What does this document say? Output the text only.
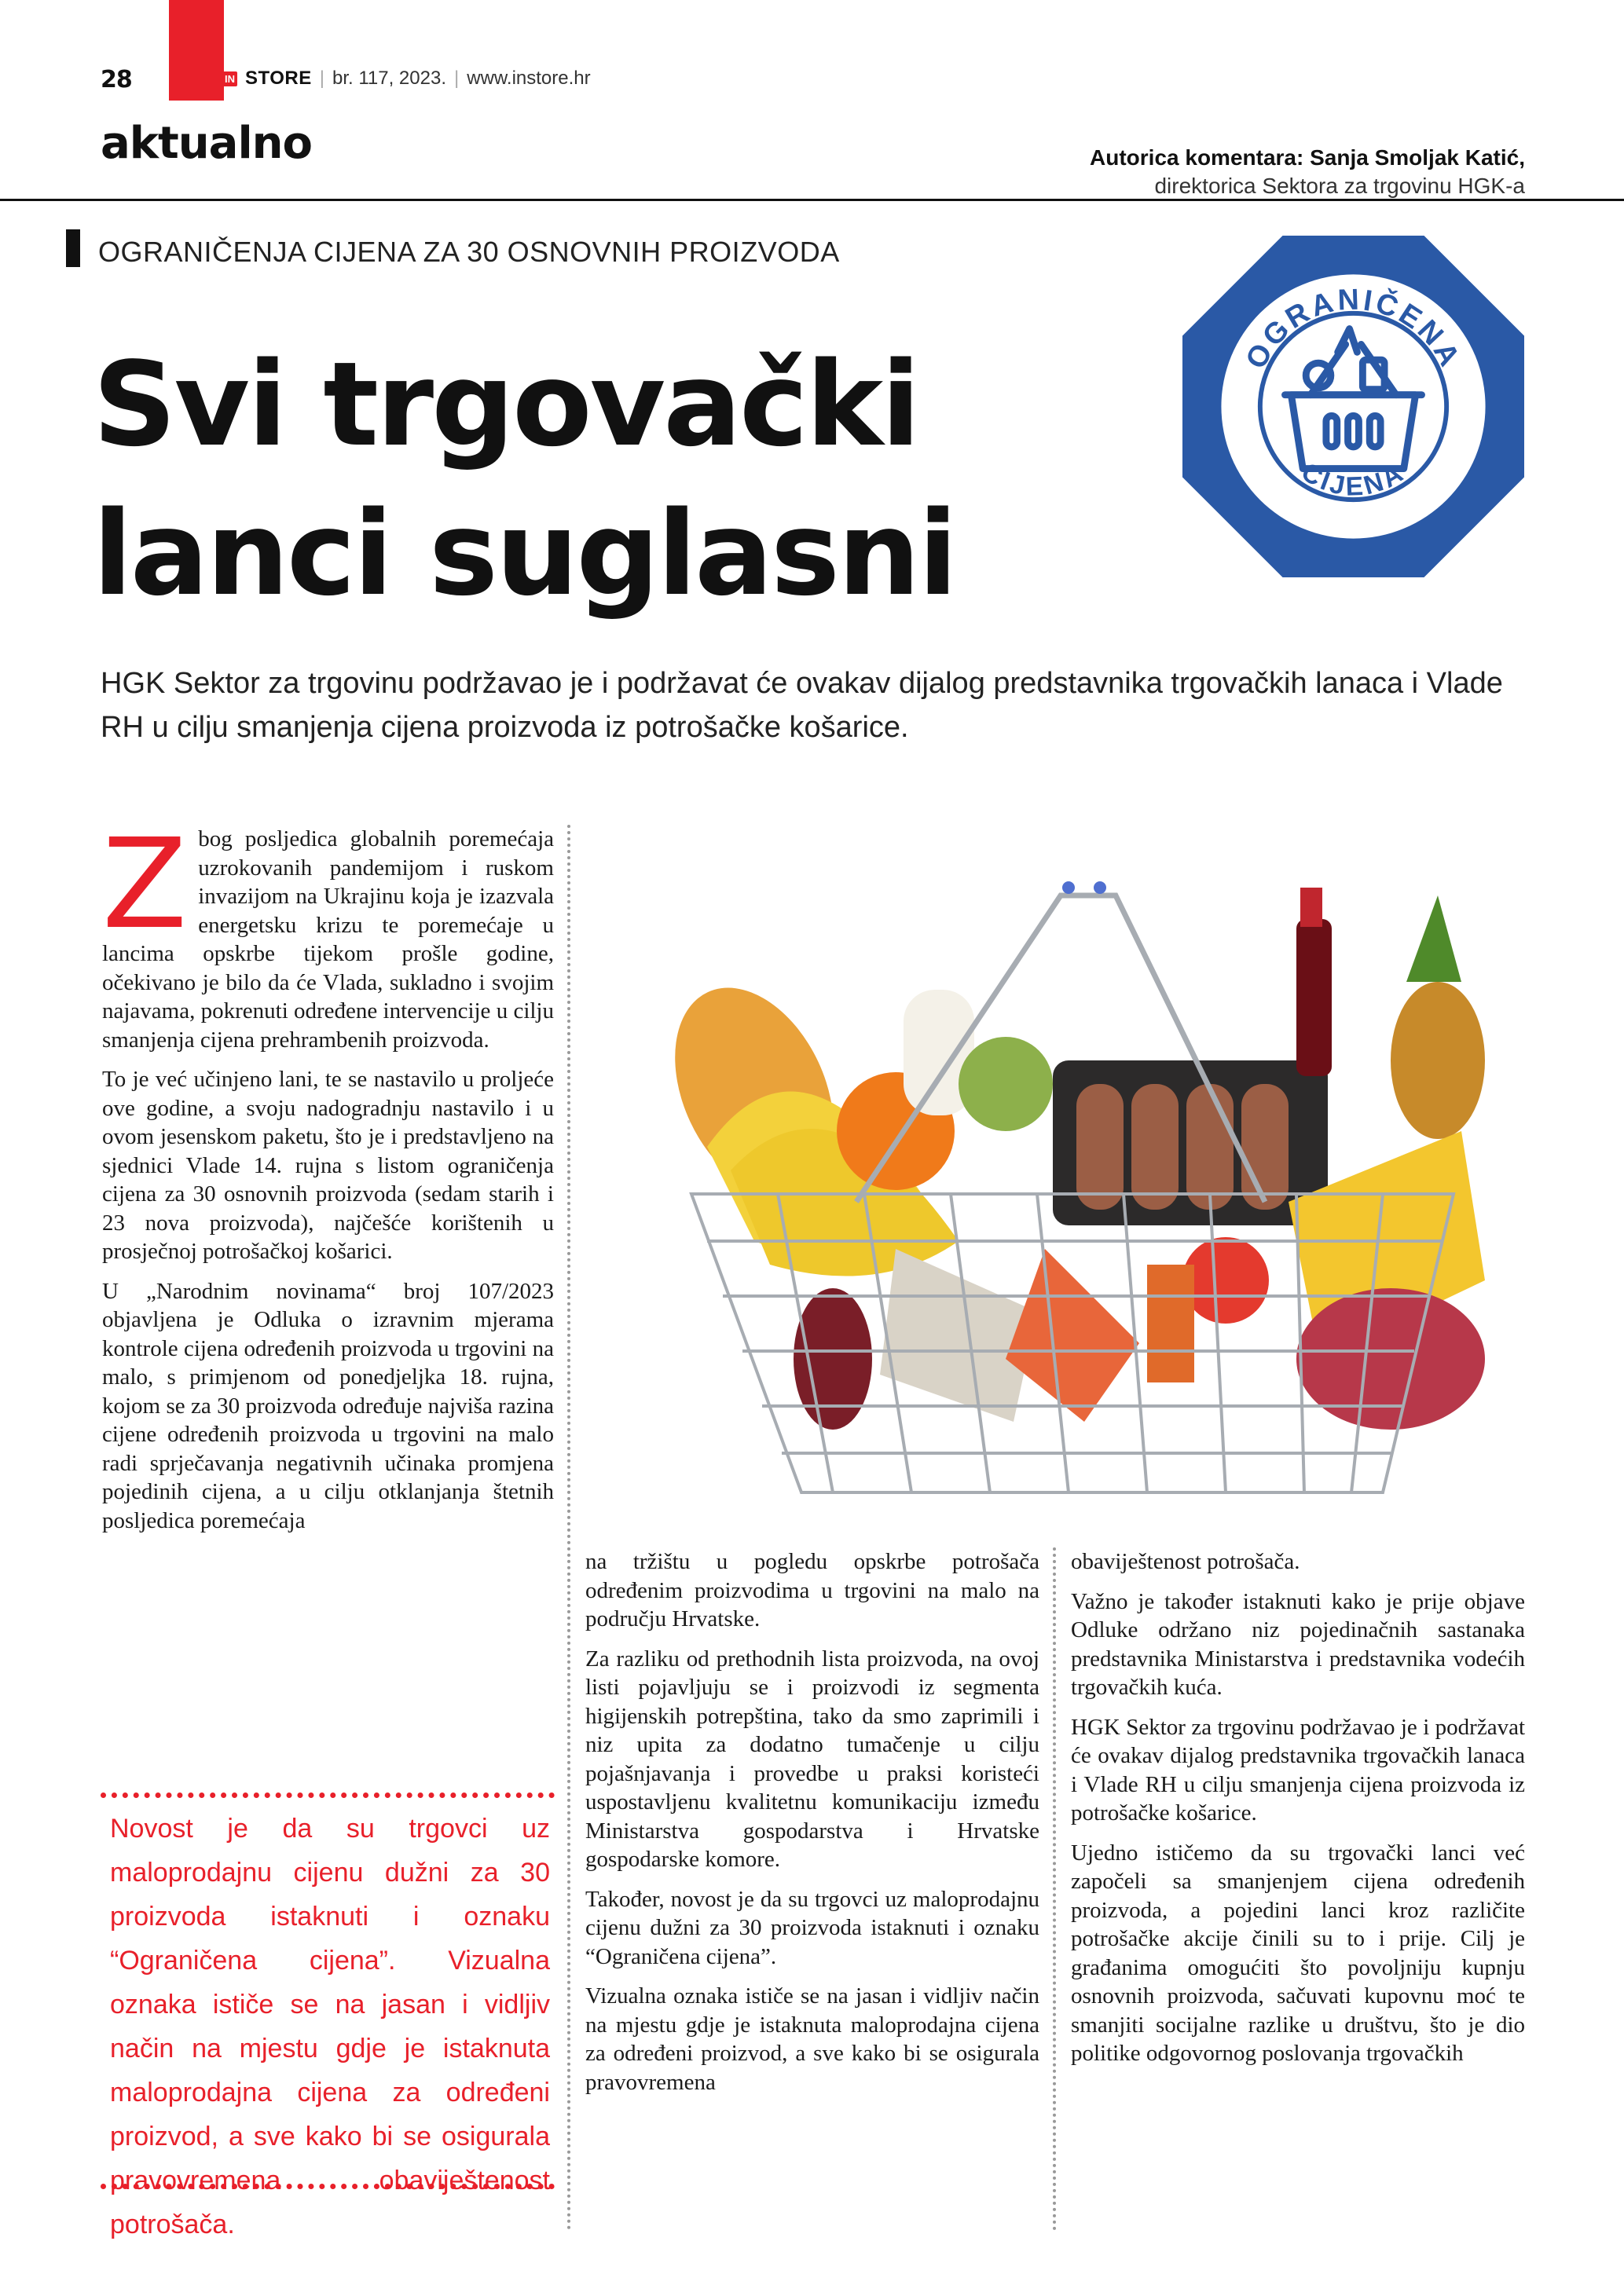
28	IN STORE | br. 117, 2023. | www.instore.hr
aktualno	Autorica komentara: Sanja Smoljak Katić,
direktorica Sektora za trgovinu HGK-a
OGRANIČENJA CIJENA ZA 30 OSNOVNIH PROIZVODA
Svi trgovački
lanci suglasni
OGRANIČENA
CIJENA

HGK Sektor za trgovinu podržavao je i podržavat će ovakav dijalog predstavnika trgovačkih lanaca i Vlade RH u cilju smanjenja cijena proizvoda iz potrošačke košarice.

Z bog posljedica globalnih poremećaja uzrokovanih pandemijom i ruskom invazijom na Ukrajinu koja je izazvala energetsku krizu te poremećaje u lancima opskrbe tijekom prošle godine, očekivano je bilo da će Vlada, sukladno i svojim najavama, pokrenuti određene intervencije u cilju smanjenja cijena prehrambenih proizvoda.

To je već učinjeno lani, te se nastavilo u proljeće ove godine, a svoju nadogradnju nastavilo i u ovom jesenskom paketu, što je i predstavljeno na sjednici Vlade 14. rujna s listom ograničenja cijena za 30 osnovnih proizvoda (sedam starih i 23 nova proizvoda), najčešće korištenih u prosječnoj potrošačkoj košarici.

U „Narodnim novinama“ broj 107/2023 objavljena je Odluka o izravnim mjerama kontrole cijena određenih proizvoda u trgovini na malo, s primjenom od ponedjeljka 18. rujna, kojom se za 30 proizvoda određuje najviša razina cijene određenih proizvoda u trgovini na malo radi sprječavanja negativnih učinaka promjena pojedinih cijena, a u cilju otklanjanja štetnih posljedica poremećaja

Novost je da su trgovci uz maloprodajnu cijenu dužni za 30 proizvoda istaknuti i oznaku “Ograničena cijena”. Vizualna oznaka ističe se na jasan i vidljiv način na mjestu gdje je istaknuta maloprodajna cijena za određeni proizvod, a sve kako bi se osigurala pravovremena obaviještenost potrošača.

na tržištu u pogledu opskrbe potrošača određenim proizvodima u trgovini na malo na području Hrvatske.

Za razliku od prethodnih lista proizvoda, na ovoj listi pojavljuju se i proizvodi iz segmenta higijenskih potrepština, tako da smo zaprimili i niz upita za dodatno tumačenje u cilju pojašnjavanja i provedbe u praksi koristeći uspostavljenu kvalitetnu komunikaciju između Ministarstva gospodarstva i Hrvatske gospodarske komore.

Također, novost je da su trgovci uz maloprodajnu cijenu dužni za 30 proizvoda istaknuti i oznaku “Ograničena cijena”.

Vizualna oznaka ističe se na jasan i vidljiv način na mjestu gdje je istaknuta maloprodajna cijena za određeni proizvod, a sve kako bi se osigurala pravovremena

obaviještenost potrošača.

Važno je također istaknuti kako je prije objave Odluke održano niz pojedinačnih sastanaka predstavnika Ministarstva i predstavnika vodećih trgovačkih kuća.

HGK Sektor za trgovinu podržavao je i podržavat će ovakav dijalog predstavnika trgovačkih lanaca i Vlade RH u cilju smanjenja cijena proizvoda iz potrošačke košarice.

Ujedno ističemo da su trgovački lanci već započeli sa smanjenjem cijena određenih proizvoda, a pojedini lanci kroz različite potrošačke akcije činili su to i prije. Cilj je građanima omogućiti što povoljniju kupnju osnovnih proizvoda, sačuvati kupovnu moć te smanjiti socijalne razlike u društvu, što je dio politike odgovornog poslovanja trgovačkih
